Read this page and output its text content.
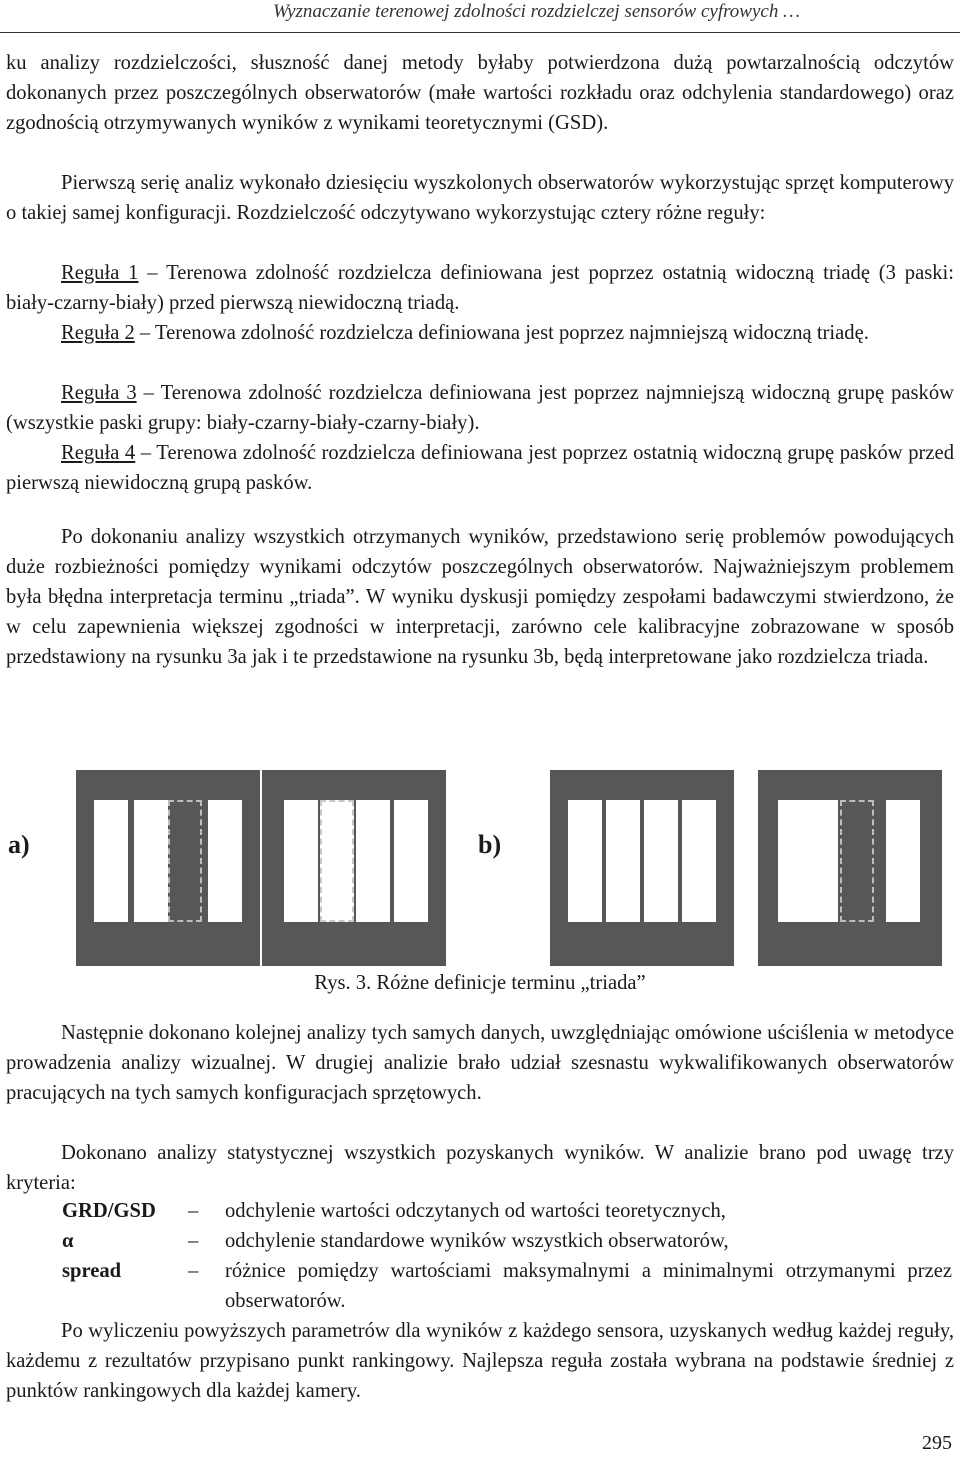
Wyznaczanie terenowej zdolności rozdzielczej sensorów cyfrowych …

ku analizy rozdzielczości, słuszność danej metody byłaby potwierdzona dużą powtarzalnością odczytów dokonanych przez poszczególnych obserwatorów (małe wartości rozkładu oraz odchylenia standardowego) oraz zgodnością otrzymywanych wyników z wynikami teoretycznymi (GSD).

Pierwszą serię analiz wykonało dziesięciu wyszkolonych obserwatorów wykorzystując sprzęt komputerowy o takiej samej konfiguracji. Rozdzielczość odczytywano wykorzystując cztery różne reguły:

Reguła 1 – Terenowa zdolność rozdzielcza definiowana jest poprzez ostatnią widoczną triadę (3 paski: biały-czarny-biały) przed pierwszą niewidoczną triadą.

Reguła 2 – Terenowa zdolność rozdzielcza definiowana jest poprzez najmniejszą widoczną triadę.

Reguła 3 – Terenowa zdolność rozdzielcza definiowana jest poprzez najmniejszą widoczną grupę pasków (wszystkie paski grupy: biały-czarny-biały-czarny-biały).

Reguła 4 – Terenowa zdolność rozdzielcza definiowana jest poprzez ostatnią widoczną grupę pasków przed pierwszą niewidoczną grupą pasków.

Po dokonaniu analizy wszystkich otrzymanych wyników, przedstawiono serię problemów powodujących duże rozbieżności pomiędzy wynikami odczytów poszczególnych obserwatorów. Najważniejszym problemem była błędna interpretacja terminu „triada”. W wyniku dyskusji pomiędzy zespołami badawczymi stwierdzono, że w celu zapewnienia większej zgodności w interpretacji, zarówno cele kalibracyjne zobrazowane w sposób przedstawiony na rysunku 3a jak i te przedstawione na rysunku 3b, będą interpretowane jako rozdzielcza triada.

a)	b)
Rys. 3. Różne definicje terminu „triada”

Następnie dokonano kolejnej analizy tych samych danych, uwzględniając omówione uściślenia w metodyce prowadzenia analizy wizualnej. W drugiej analizie brało udział szesnastu wykwalifikowanych obserwatorów pracujących na tych samych konfiguracjach sprzętowych.

Dokonano analizy statystycznej wszystkich pozyskanych wyników. W analizie brano pod uwagę trzy kryteria:

GRD/GSD – odchylenie wartości odczytanych od wartości teoretycznych,
α	– odchylenie standardowe wyników wszystkich obserwatorów,
spread	– różnice pomiędzy wartościami maksymalnymi a minimalnymi otrzymanymi przez obserwatorów.

Po wyliczeniu powyższych parametrów dla wyników z każdego sensora, uzyskanych według każdej reguły, każdemu z rezultatów przypisano punkt rankingowy. Najlepsza reguła została wybrana na podstawie średniej z punktów rankingowych dla każdej kamery.

295
